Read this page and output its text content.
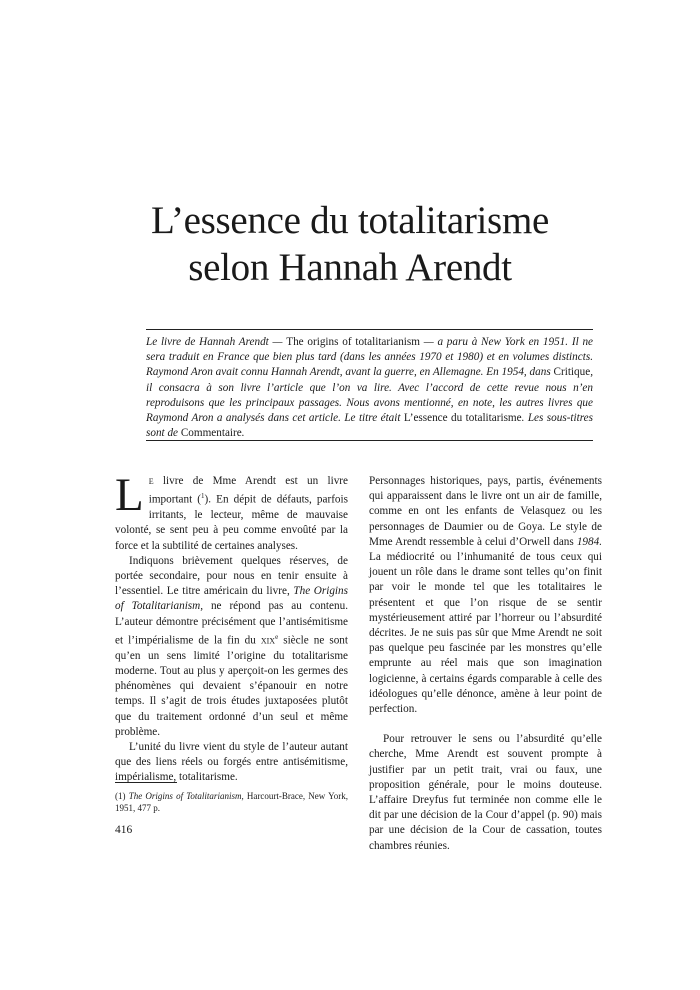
L’essence du totalitarisme
selon Hannah Arendt

Le livre de Hannah Arendt — The origins of totalitarianism — a paru à New York en 1951. Il ne sera traduit en France que bien plus tard (dans les années 1970 et 1980) et en volumes distincts. Raymond Aron avait connu Hannah Arendt, avant la guerre, en Allemagne. En 1954, dans Critique, il consacra à son livre l’article que l’on va lire. Avec l’accord de cette revue nous n’en reproduisons que les principaux passages. Nous avons mentionné, en note, les autres livres que Raymond Aron a analysés dans cet article. Le titre était L’essence du totalitarisme. Les sous-titres sont de Commentaire.

Le livre de Mme Arendt est un livre important ($^1$). En dépit de défauts, parfois irritants, le lecteur, même de mauvaise volonté, se sent peu à peu comme envoûté par la force et la subtilité de certaines analyses.

Indiquons brièvement quelques réserves, de portée secondaire, pour nous en tenir ensuite à l’essentiel. Le titre américain du livre, The Origins of Totalitarianism, ne répond pas au contenu. L’auteur démontre précisément que l’antisémitisme et l’impérialisme de la fin du xix$^e$ siècle ne sont qu’en un sens limité l’origine du totalitarisme moderne. Tout au plus y aperçoit-on les germes des phénomènes qui devaient s’épanouir en notre temps. Il s’agit de trois études juxtaposées plutôt que du traitement ordonné d’un seul et même problème.

L’unité du livre vient du style de l’auteur autant que des liens réels ou forgés entre antisémitisme, impérialisme, totalitarisme.

Personnages historiques, pays, partis, événements qui apparaissent dans le livre ont un air de famille, comme en ont les enfants de Velasquez ou les personnages de Daumier ou de Goya. Le style de Mme Arendt ressemble à celui d’Orwell dans 1984. La médiocrité ou l’inhumanité de tous ceux qui jouent un rôle dans le drame sont telles qu’on finit par voir le monde tel que les totalitaires le présentent et que l’on risque de se sentir mystérieusement attiré par l’horreur ou l’absurdité décrites. Je ne suis pas sûr que Mme Arendt ne soit pas quelque peu fascinée par les monstres qu’elle emprunte au réel mais que son imagination logicienne, à certains égards comparable à celle des idéologues qu’elle dénonce, amène à leur point de perfection.

Pour retrouver le sens ou l’absurdité qu’elle cherche, Mme Arendt est souvent prompte à justifier par un petit trait, vrai ou faux, une proposition générale, pour le moins douteuse. L’affaire Dreyfus fut terminée non comme elle le dit par une décision de la Cour d’appel (p. 90) mais par une décision de la Cour de cassation, toutes chambres réunies.

(1) The Origins of Totalitarianism, Harcourt-Brace, New York, 1951, 477 p.

416
